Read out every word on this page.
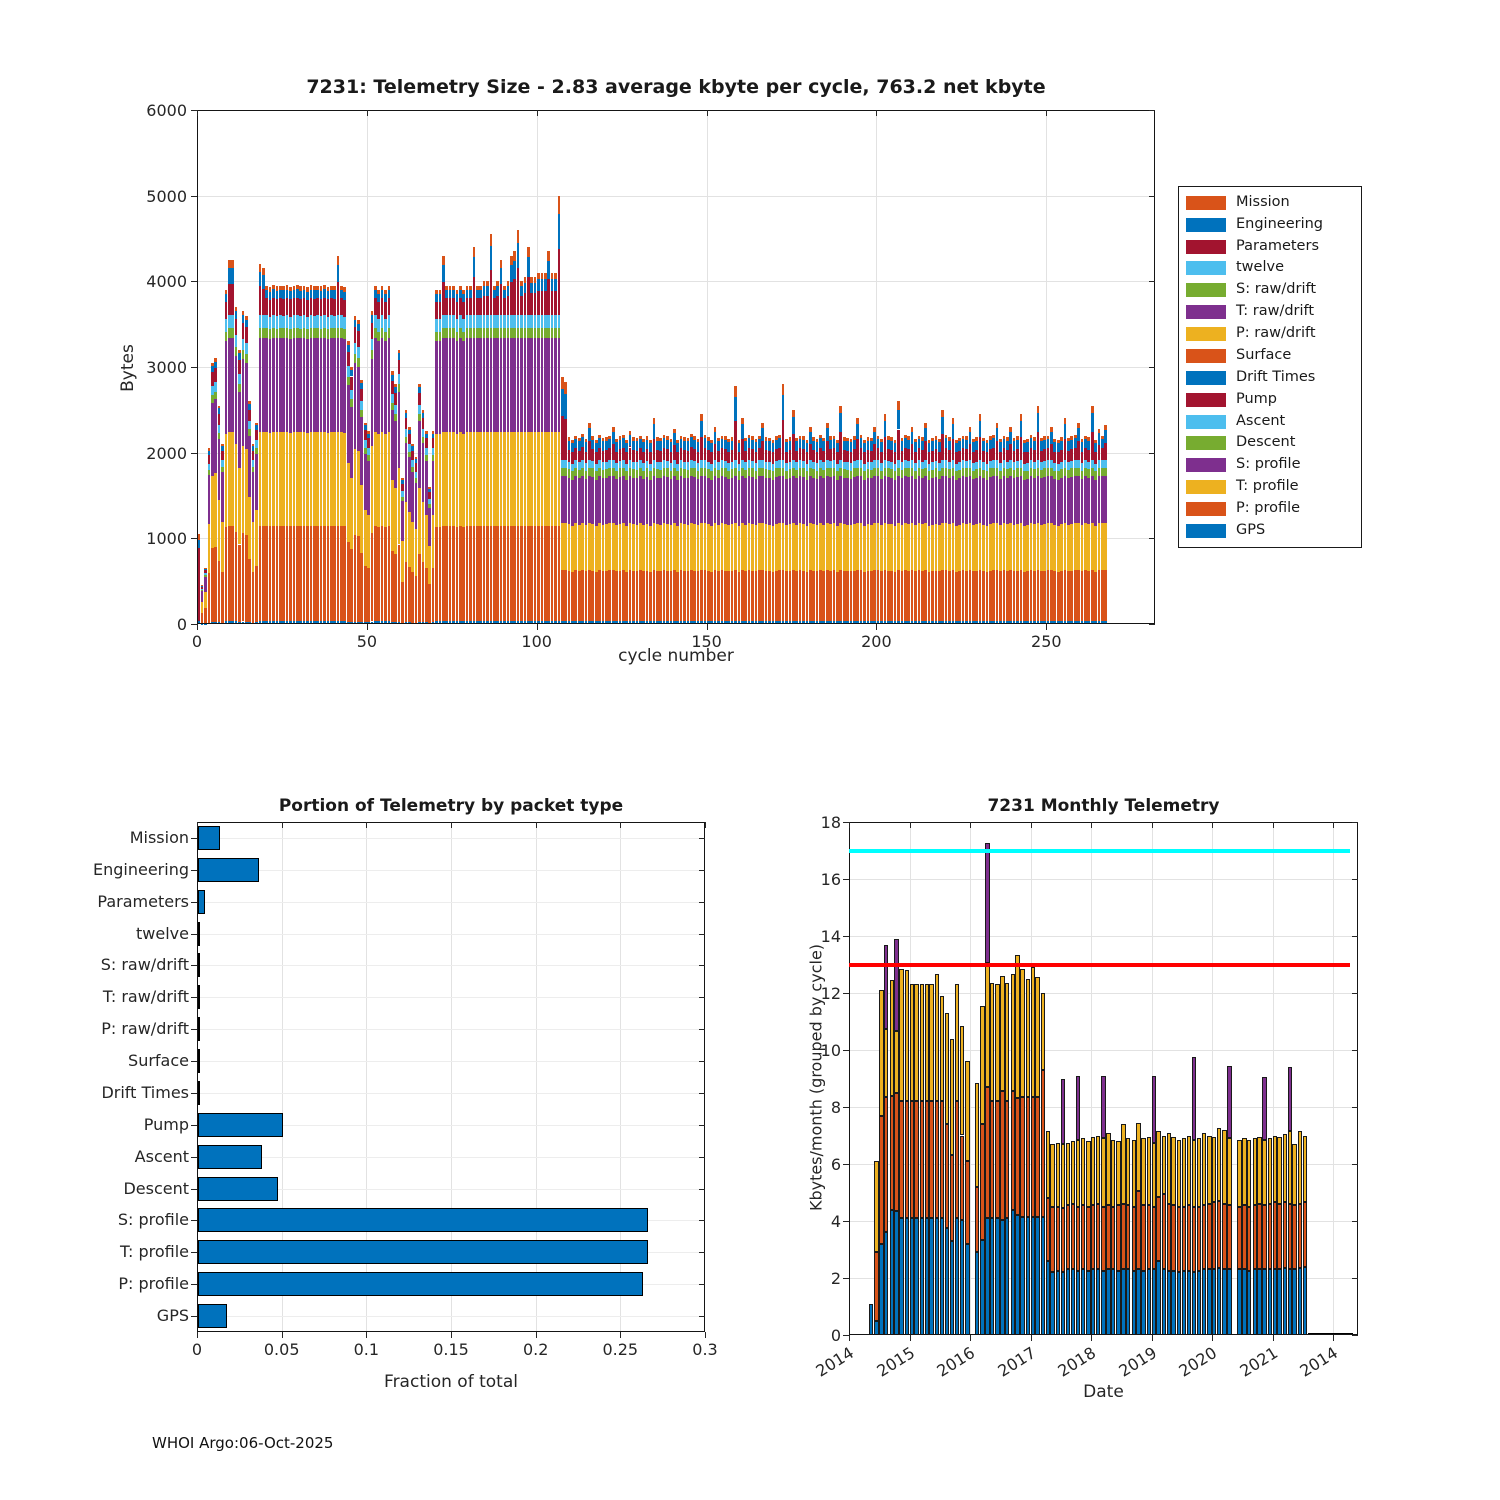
7231: Telemetry Size - 2.83 average kbyte per cycle, 763.2 net kbyte
0	50	100	150	200	250
0
1000
2000
3000
4000
5000
6000
Bytes
cycle number
Mission
Engineering
Parameters
twelve
S: raw/drift
T: raw/drift
P: raw/drift
Surface
Drift Times
Pump
Ascent
Descent
S: profile
T: profile
P: profile
GPS
Portion of Telemetry by packet type
Mission
Engineering
Parameters
twelve
S: raw/drift
T: raw/drift
P: raw/drift
Surface
Drift Times
Pump
Ascent
Descent
S: profile
T: profile
P: profile
GPS
0	0.05	0.1	0.15	0.2	0.25	0.3
Fraction of total
7231 Monthly Telemetry
0
2
4
6
8
10
12
14
16
18
2014 2015 2016 2017 2018 2019 2020 2021 2014
Kbytes/month (grouped by cycle)
Date
WHOI Argo:06-Oct-2025
